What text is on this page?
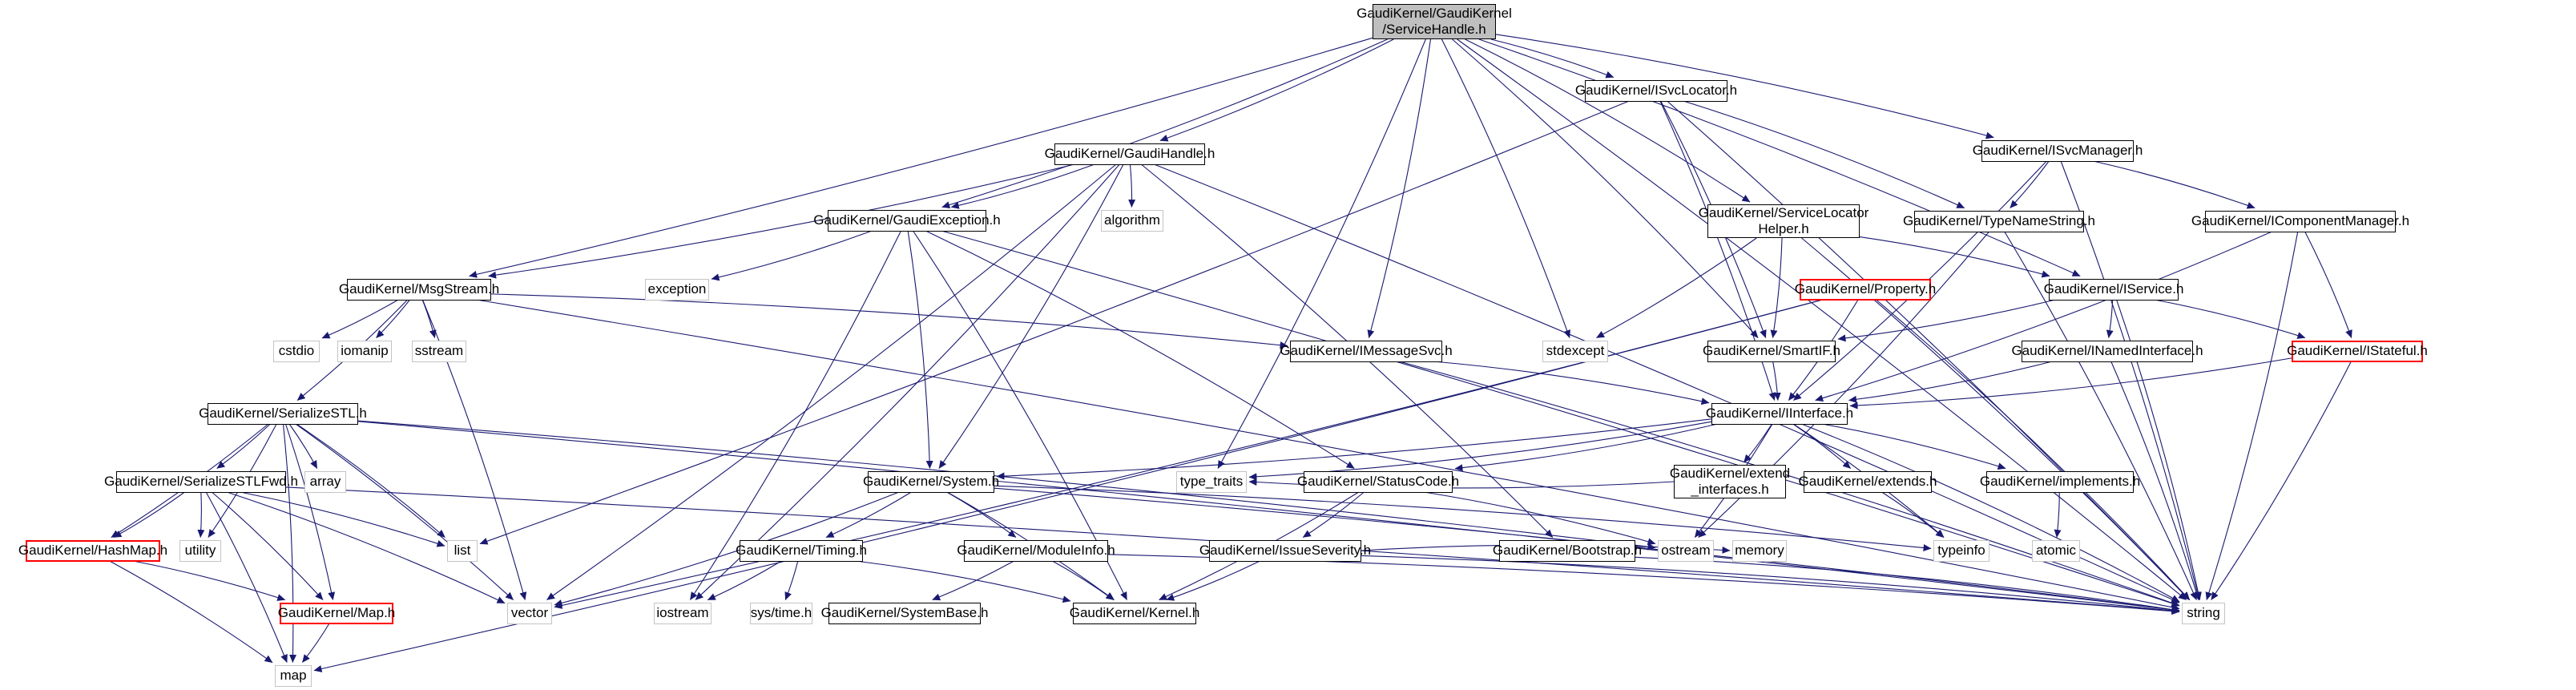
GaudiKernel/GaudiKernel
/ServiceHandle.h
GaudiKernel/ISvcLocator.h
GaudiKernel/GaudiHandle.h	GaudiKernel/ISvcManager.h
GaudiKernel/GaudiException.h	algorithm	GaudiKernel/ServiceLocator
Helper.h
GaudiKernel/TypeNameString.h	GaudiKernel/IComponentManager.h
GaudiKernel/MsgStream.h	exception	GaudiKernel/Property.h	GaudiKernel/IService.h
cstdio iomanip sstream	GaudiKernel/IMessageSvc.h	stdexcept	GaudiKernel/SmartIF.h	GaudiKernel/INamedInterface.h	GaudiKernel/IStateful.h
GaudiKernel/SerializeSTL.h	GaudiKernel/IInterface.h
GaudiKernel/SerializeSTLFwd.h array	GaudiKernel/System.h	type_traits	GaudiKernel/StatusCode.h
GaudiKernel/extend
_interfaces.h
GaudiKernel/extends.h	GaudiKernel/implements.h
GaudiKernel/HashMap.h utility	list	GaudiKernel/Timing.h	GaudiKernel/ModuleInfo.h	GaudiKernel/IssueSeverity.h	GaudiKernel/Bootstrap.h ostream memory	typeinfo	atomic
GaudiKernel/Map.h	vector	iostream	sys/time.h GaudiKernel/SystemBase.h	GaudiKernel/Kernel.h	string
map
